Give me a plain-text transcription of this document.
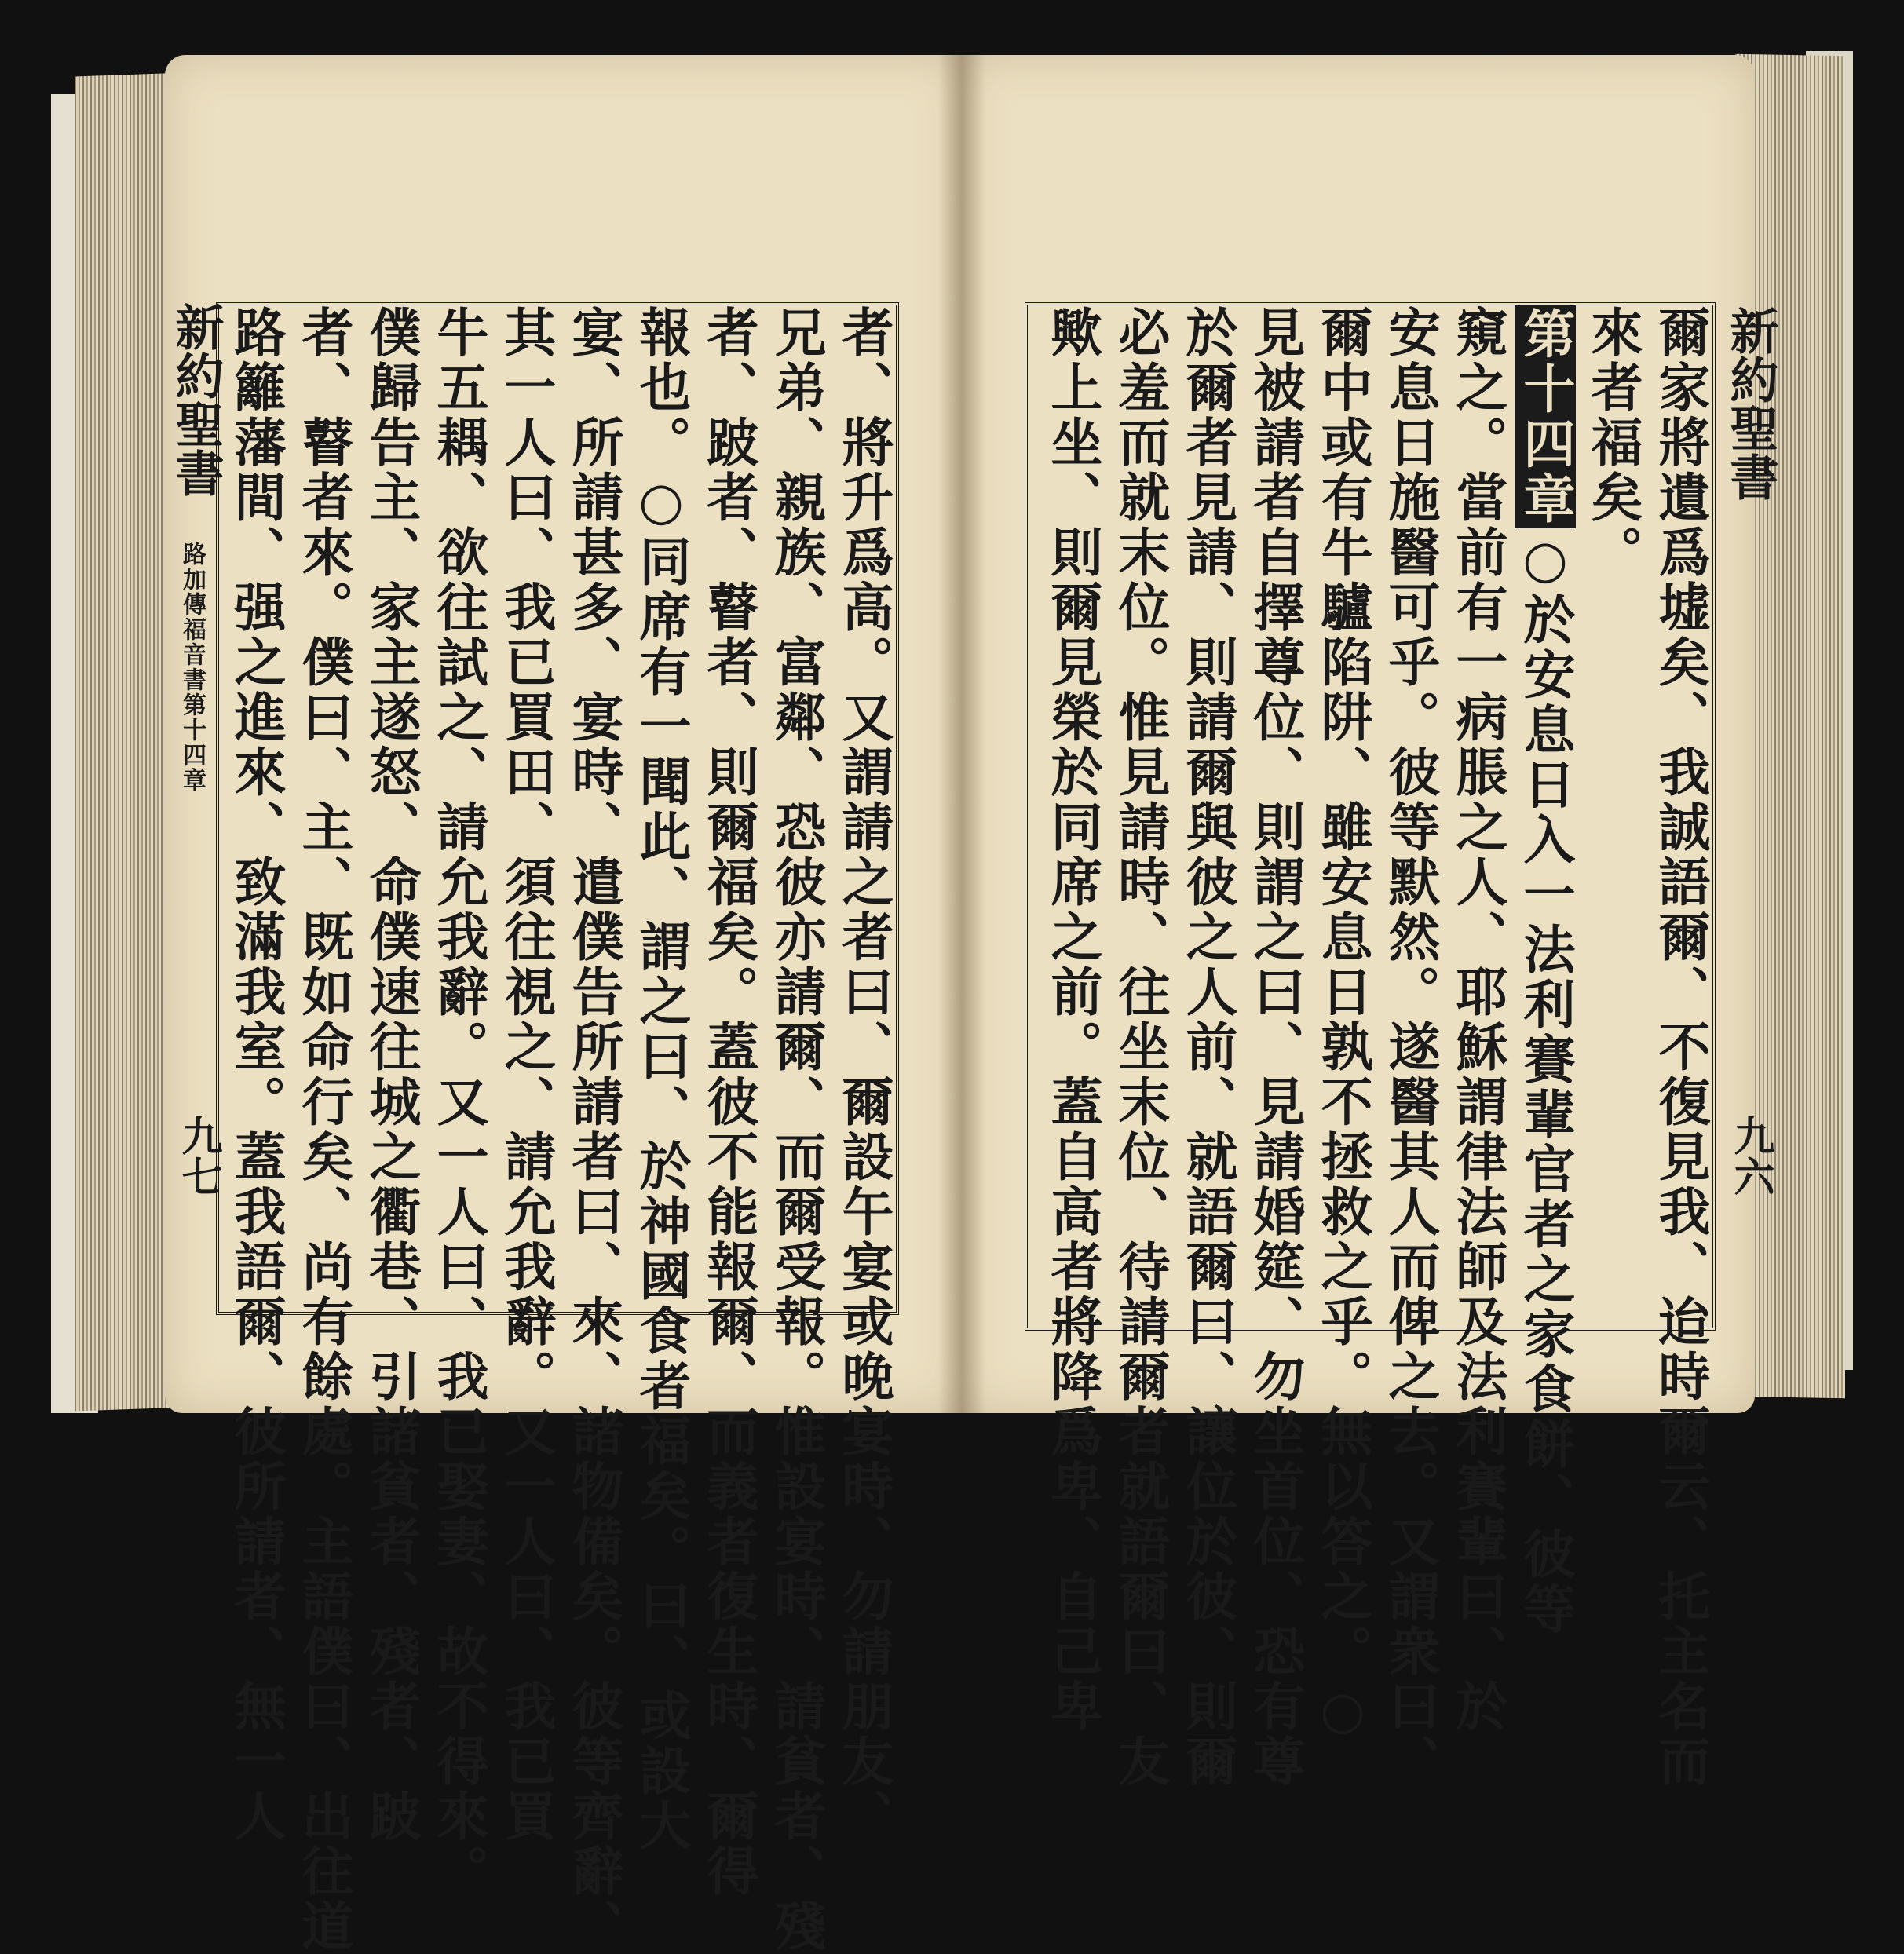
者、將升爲高。又謂請之者曰、爾設午宴或晚宴時、勿請朋友、
兄弟、親族、富鄰、恐彼亦請爾、而爾受報。惟設宴時、請貧者、殘
者、跛者、瞽者、則爾福矣。蓋彼不能報爾、而義者復生時、爾得
報也。○同席有一聞此、謂之曰、於神國食者福矣。曰、或設大
宴、所請甚多、宴時、遣僕告所請者曰、來、諸物備矣。彼等齊辭、
其一人曰、我已買田、須往視之、請允我辭。又一人曰、我已買
牛五耦、欲往試之、請允我辭。又一人曰、我已娶妻、故不得來。
僕歸告主、家主遂怒、命僕速往城之衢巷、引諸貧者、殘者、跛
者、瞽者來。僕曰、主、既如命行矣、尚有餘處。主語僕曰、出往道
路籬藩間、强之進來、致滿我室。蓋我語爾、彼所請者、無一人
新約聖書
路加傳福音書第十四章
九七	爾家將遺爲墟矣、我誠語爾、不復見我、迨時爾云、托主名而
來者福矣。
第十四章○於安息日入一法利賽輩官者之家食餅、彼等
窺之。當前有一病脹之人、耶穌謂律法師及法利賽輩曰、於
安息日施醫可乎。彼等默然。遂醫其人而俾之去。又謂衆曰、
爾中或有牛驢陷阱、雖安息日孰不拯救之乎。無以答之。○
見被請者自擇尊位、則謂之曰、見請婚筵、勿坐首位、恐有尊
於爾者見請、則請爾與彼之人前、就語爾曰、讓位於彼、則爾
必羞而就末位。惟見請時、往坐末位、待請爾者就語爾曰、友
歟上坐、則爾見榮於同席之前。蓋自高者將降爲卑、自己卑	新約聖書
九六
